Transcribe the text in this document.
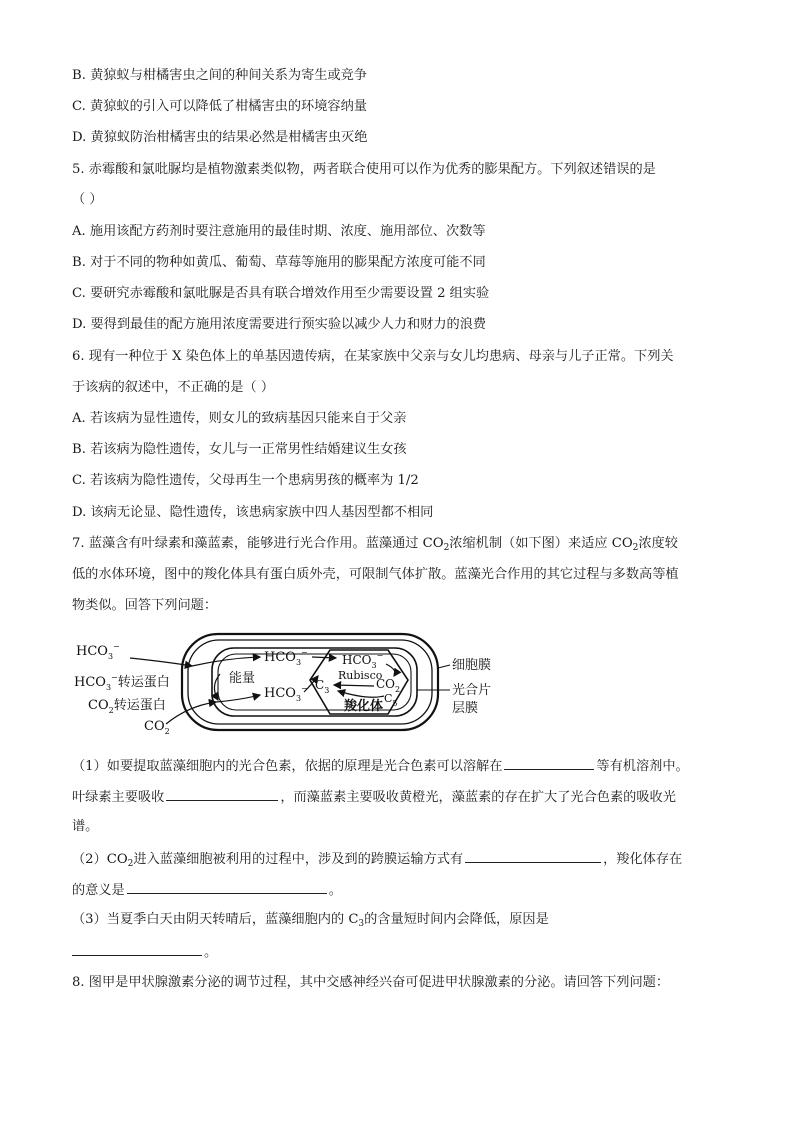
B. 黄猄蚁与柑橘害虫之间的种间关系为寄生或竞争
C. 黄猄蚁的引入可以降低了柑橘害虫的环境容纳量
D. 黄猄蚁防治柑橘害虫的结果必然是柑橘害虫灭绝
5. 赤霉酸和氯吡脲均是植物激素类似物，两者联合使用可以作为优秀的膨果配方。下列叙述错误的是
（ ）
A. 施用该配方药剂时要注意施用的最佳时期、浓度、施用部位、次数等
B. 对于不同的物种如黄瓜、葡萄、草莓等施用的膨果配方浓度可能不同
C. 要研究赤霉酸和氯吡脲是否具有联合增效作用至少需要设置 2 组实验
D. 要得到最佳的配方施用浓度需要进行预实验以减少人力和财力的浪费
6. 现有一种位于 X 染色体上的单基因遗传病，在某家族中父亲与女儿均患病、母亲与儿子正常。下列关
于该病的叙述中，不正确的是（ ）
A. 若该病为显性遗传，则女儿的致病基因只能来自于父亲
B. 若该病为隐性遗传，女儿与一正常男性结婚建议生女孩
C. 若该病为隐性遗传，父母再生一个患病男孩的概率为 1/2
D. 该病无论显、隐性遗传，该患病家族中四人基因型都不相同
7. 蓝藻含有叶绿素和藻蓝素，能够进行光合作用。蓝藻通过 $CO_2$浓缩机制（如下图）来适应 $CO_2$浓度较
低的水体环境，图中的羧化体具有蛋白质外壳，可限制气体扩散。蓝藻光合作用的其它过程与多数高等植
物类似。回答下列问题：
$HCO_3^-$
$HCO_3^-$转运蛋白
$CO_2$转运蛋白
$CO_2$
$HCO_3^-$
$HCO_3^-$
能量
$HCO_3^-$
Rubisco
$C_3$	$CO_2$
$C_5$
羧化体
细胞膜
光合片
层膜
（1）如要提取蓝藻细胞内的光合色素，依据的原理是光合色素可以溶解在	等有机溶剂中。
叶绿素主要吸收	，而藻蓝素主要吸收黄橙光，藻蓝素的存在扩大了光合色素的吸收光
谱。
$(2)CO_2$进入蓝藻细胞被利用的过程中，涉及到的跨膜运输方式有	，羧化体存在
的意义是	。
（3）当夏季白天由阴天转晴后，蓝藻细胞内的 $C_3$的含量短时间内会降低，原因是
。
8. 图甲是甲状腺激素分泌的调节过程，其中交感神经兴奋可促进甲状腺激素的分泌。请回答下列问题：
